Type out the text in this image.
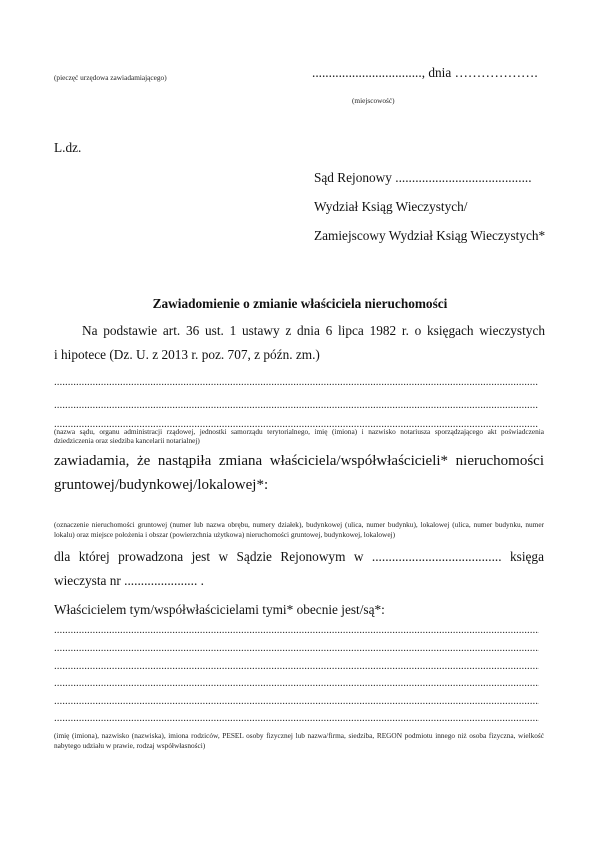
(pieczęć urzędowa zawiadamiającego)	................................., dnia ……………….
(miejscowość)
L.dz.
Sąd Rejonowy .........................................
Wydział Ksiąg Wieczystych/
Zamiejscowy Wydział Ksiąg Wieczystych*
Zawiadomienie o zmianie właściciela nieruchomości
Na podstawie art. 36 ust. 1 ustawy z dnia 6 lipca 1982 r. o księgach wieczystych
i hipotece (Dz. U. z 2013 r. poz. 707, z późn. zm.)
.....
.....
.....
(nazwa sądu, organu administracji rządowej, jednostki samorządu terytorialnego, imię (imiona) i nazwisko notariusza sporządzającego akt poświadczenia dziedziczenia oraz siedziba kancelarii notarialnej)
zawiadamia, że nastąpiła zmiana właściciela/współwłaścicieli* nieruchomości
gruntowej/budynkowej/lokalowej*:
(oznaczenie nieruchomości gruntowej (numer lub nazwa obrębu, numery działek), budynkowej (ulica, numer budynku), lokalowej (ulica, numer budynku, numer lokalu) oraz miejsce położenia i obszar (powierzchnia użytkowa) nieruchomości gruntowej, budynkowej, lokalowej)
dla której prowadzona jest w Sądzie Rejonowym w ....................................... księga
wieczysta nr ...................... .
Właścicielem tym/współwłaścicielami tymi* obecnie jest/są*:
.....
.....
.....
.....
.....
.....
(imię (imiona), nazwisko (nazwiska), imiona rodziców, PESEL osoby fizycznej lub nazwa/firma, siedziba, REGON podmiotu innego niż osoba fizyczna, wielkość nabytego udziału w prawie, rodzaj współwłasności)
